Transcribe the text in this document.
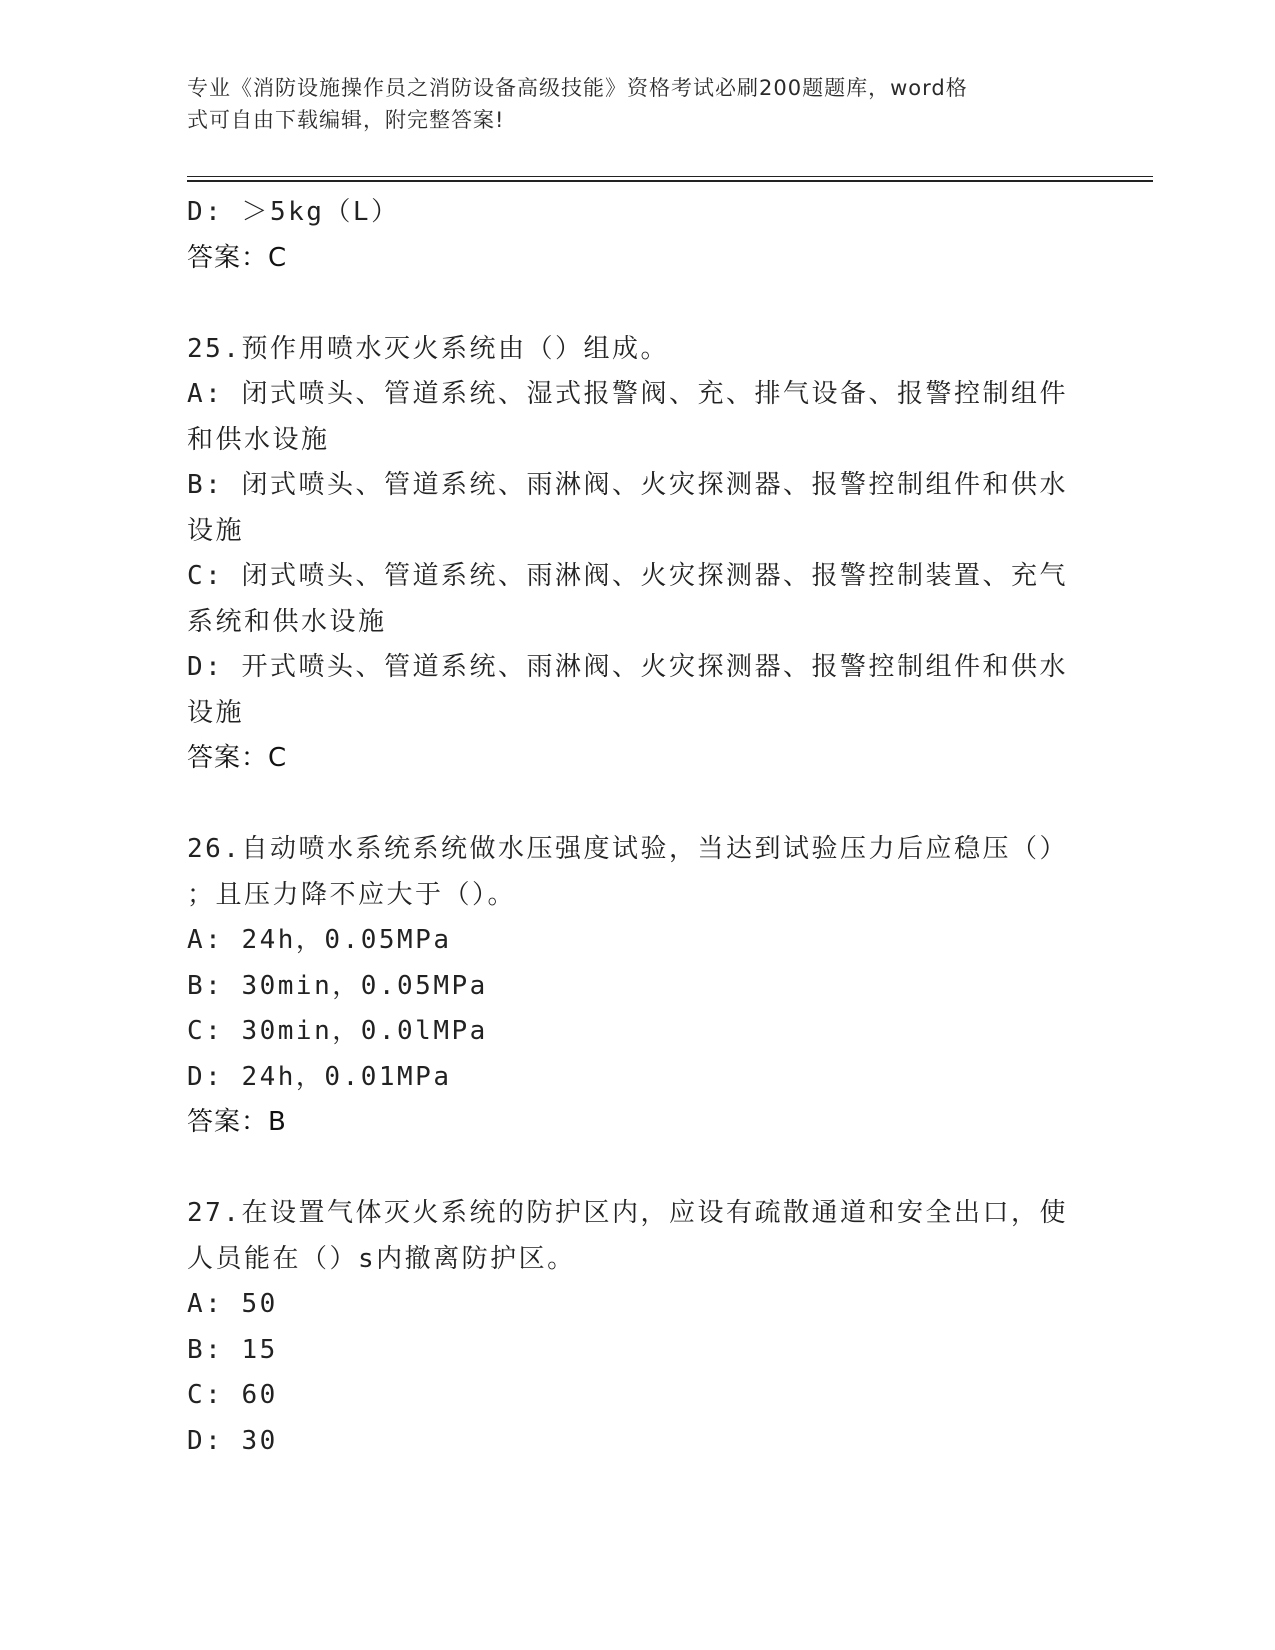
专业《消防设施操作员之消防设备高级技能》资格考试必刷200题题库，word格
式可自由下载编辑，附完整答案!
D: ＞5kg（L）
答案：C
25.预作用喷水灭火系统由（）组成。
A: 闭式喷头、管道系统、湿式报警阀、充、排气设备、报警控制组件
和供水设施
B: 闭式喷头、管道系统、雨淋阀、火灾探测器、报警控制组件和供水
设施
C: 闭式喷头、管道系统、雨淋阀、火灾探测器、报警控制装置、充气
系统和供水设施
D: 开式喷头、管道系统、雨淋阀、火灾探测器、报警控制组件和供水
设施
答案：C
26.自动喷水系统系统做水压强度试验，当达到试验压力后应稳压（）
；且压力降不应大于（）。
A: 24h，0.05MPa
B: 30min，0.05MPa
C: 30min，0.0lMPa
D: 24h，0.01MPa
答案：B
27.在设置气体灭火系统的防护区内，应设有疏散通道和安全出口，使
人员能在（）s内撤离防护区。
A: 50
B: 15
C: 60
D: 30
